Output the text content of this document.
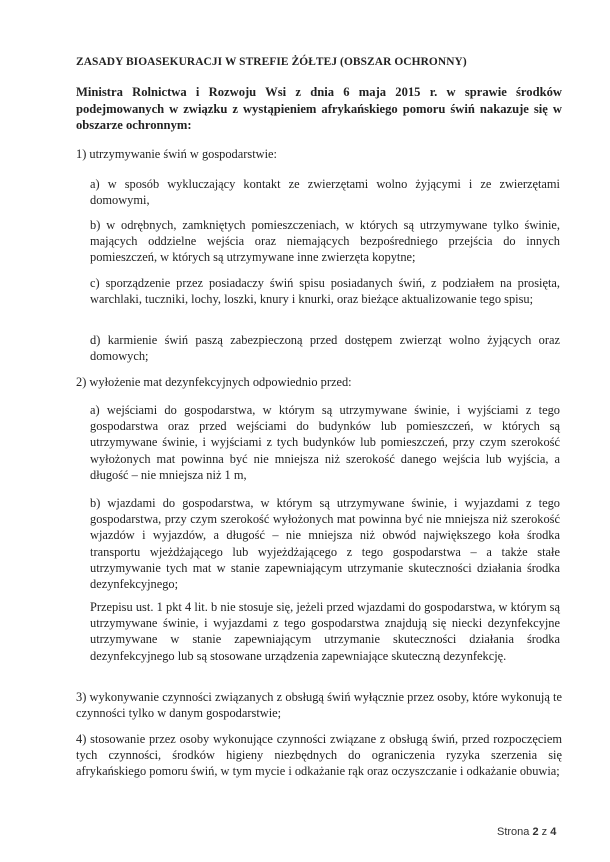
ZASADY BIOASEKURACJI W STREFIE ŻÓŁTEJ (OBSZAR OCHRONNY)
Ministra Rolnictwa i Rozwoju Wsi z dnia 6 maja 2015 r. w sprawie środków podejmowanych w związku z wystąpieniem afrykańskiego pomoru świń nakazuje się w obszarze ochronnym:

1) utrzymywanie świń w gospodarstwie:

a) w sposób wykluczający kontakt ze zwierzętami wolno żyjącymi i ze zwierzętami domowymi,

b) w odrębnych, zamkniętych pomieszczeniach, w których są utrzymywane tylko świnie, mających oddzielne wejścia oraz niemających bezpośredniego przejścia do innych pomieszczeń, w których są utrzymywane inne zwierzęta kopytne;

c) sporządzenie przez posiadaczy świń spisu posiadanych świń, z podziałem na prosięta, warchlaki, tuczniki, lochy, loszki, knury i knurki, oraz bieżące aktualizowanie tego spisu;

d) karmienie świń paszą zabezpieczoną przed dostępem zwierząt wolno żyjących oraz domowych;

2) wyłożenie mat dezynfekcyjnych odpowiednio przed:

a) wejściami do gospodarstwa, w którym są utrzymywane świnie, i wyjściami z tego gospodarstwa oraz przed wejściami do budynków lub pomieszczeń, w których są utrzymywane świnie, i wyjściami z tych budynków lub pomieszczeń, przy czym szerokość wyłożonych mat powinna być nie mniejsza niż szerokość danego wejścia lub wyjścia, a długość – nie mniejsza niż 1 m,

b) wjazdami do gospodarstwa, w którym są utrzymywane świnie, i wyjazdami z tego gospodarstwa, przy czym szerokość wyłożonych mat powinna być nie mniejsza niż szerokość wjazdów i wyjazdów, a długość – nie mniejsza niż obwód największego koła środka transportu wjeżdżającego lub wyjeżdżającego z tego gospodarstwa – a także stałe utrzymywanie tych mat w stanie zapewniającym utrzymanie skuteczności działania środka dezynfekcyjnego;

Przepisu ust. 1 pkt 4 lit. b nie stosuje się, jeżeli przed wjazdami do gospodarstwa, w którym są utrzymywane świnie, i wyjazdami z tego gospodarstwa znajdują się niecki dezynfekcyjne utrzymywane w stanie zapewniającym utrzymanie skuteczności działania środka dezynfekcyjnego lub są stosowane urządzenia zapewniające skuteczną dezynfekcję.

3) wykonywanie czynności związanych z obsługą świń wyłącznie przez osoby, które wykonują te czynności tylko w danym gospodarstwie;

4) stosowanie przez osoby wykonujące czynności związane z obsługą świń, przed rozpoczęciem tych czynności, środków higieny niezbędnych do ograniczenia ryzyka szerzenia się afrykańskiego pomoru świń, w tym mycie i odkażanie rąk oraz oczyszczanie i odkażanie obuwia;

Strona 2 z 4
